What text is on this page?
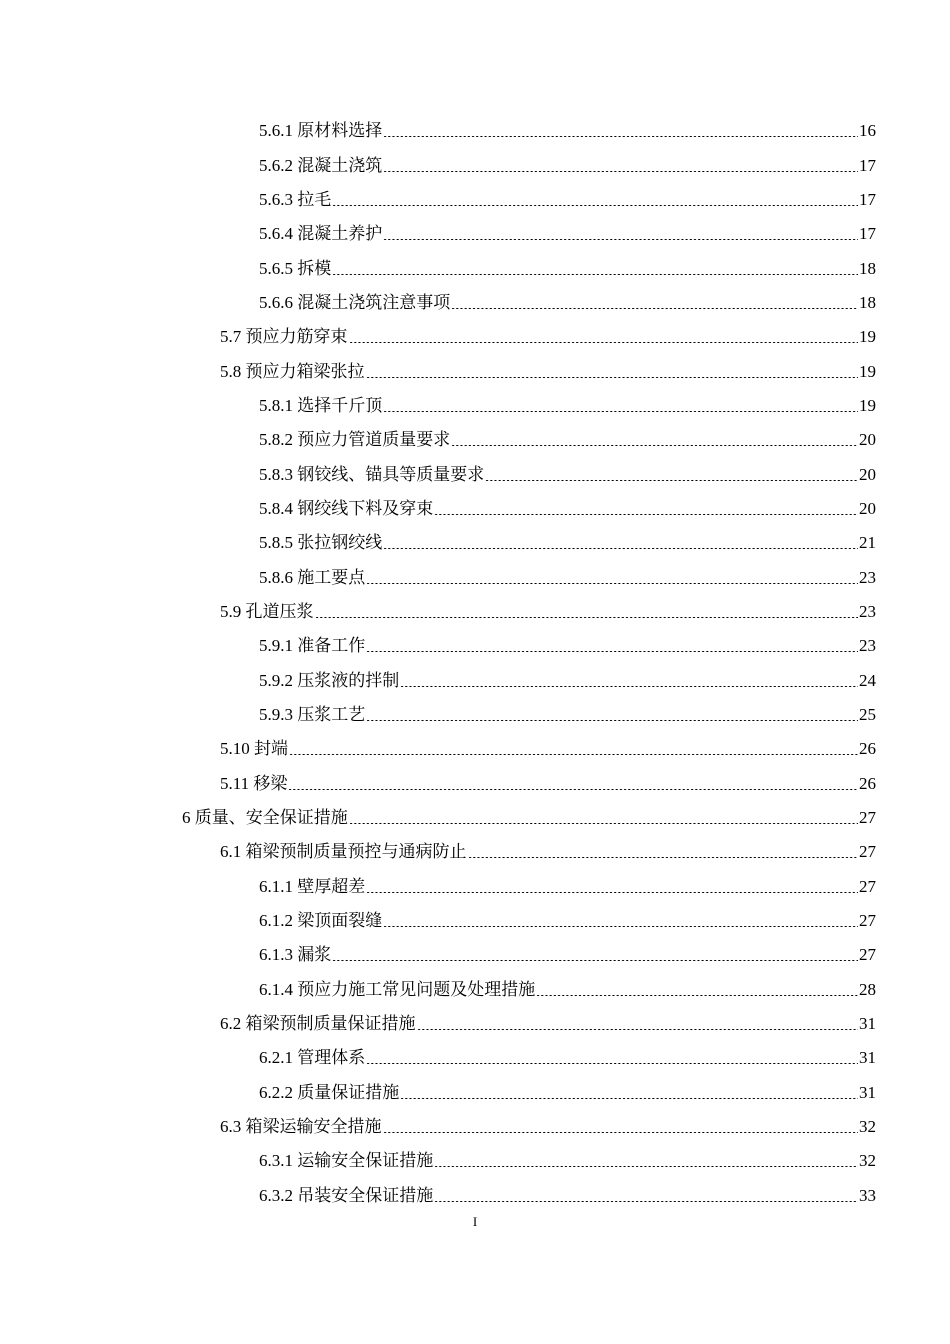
5.6.1 原材料选择	16
5.6.2 混凝土浇筑	17
5.6.3 拉毛	17
5.6.4 混凝土养护	17
5.6.5 拆模	18
5.6.6 混凝土浇筑注意事项	18
5.7 预应力筋穿束	19
5.8 预应力箱梁张拉	19
5.8.1 选择千斤顶	19
5.8.2 预应力管道质量要求	20
5.8.3 钢铰线、锚具等质量要求	20
5.8.4 钢绞线下料及穿束	20
5.8.5 张拉钢绞线	21
5.8.6 施工要点	23
5.9 孔道压浆	23
5.9.1 准备工作	23
5.9.2 压浆液的拌制	24
5.9.3 压浆工艺	25
5.10 封端	26
5.11 移梁	26
6 质量、安全保证措施	27
6.1 箱梁预制质量预控与通病防止	27
6.1.1 壁厚超差	27
6.1.2 梁顶面裂缝	27
6.1.3 漏浆	27
6.1.4 预应力施工常见问题及处理措施	28
6.2 箱梁预制质量保证措施	31
6.2.1 管理体系	31
6.2.2 质量保证措施	31
6.3 箱梁运输安全措施	32
6.3.1 运输安全保证措施	32
6.3.2 吊装安全保证措施	33
I
